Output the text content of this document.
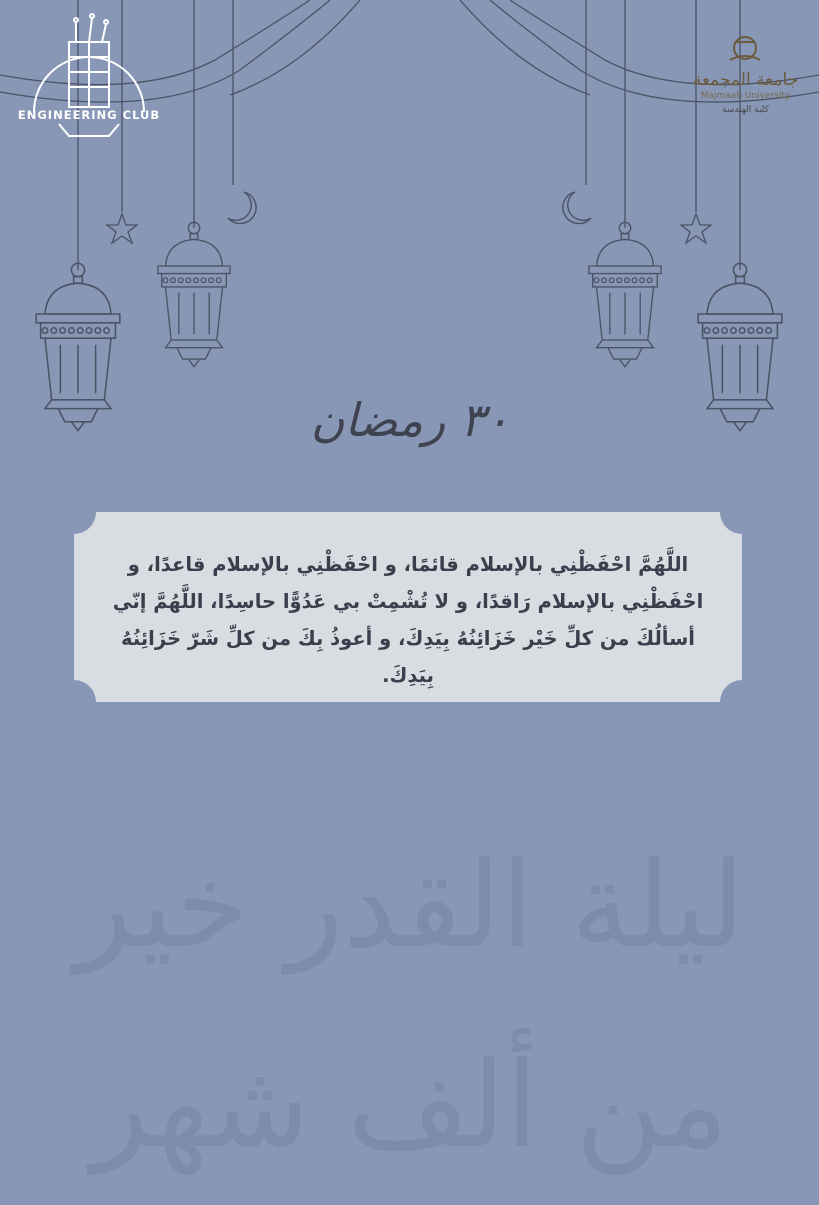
ENGINEERING CLUB
جامعة المجمعة
Majmaah University
كلية الهندسة
٣٠ رمضان
اللَّهُمَّ احْفَظْنِي بالإسلام قائمًا، و احْفَظْنِي بالإسلام قاعدًا، و احْفَظْنِي بالإسلام رَاقدًا، و لا تُشْمِتْ بي عَدُوًّا حاسِدًا، اللَّهُمَّ إنّي أسألُكَ من كلِّ خَيْر خَزَائِنُهُ بِيَدِكَ، و أعوذُ بِكَ من كلِّ شَرّ خَزَائِنُهُ بِيَدِكَ.
ليلة القدر خير من ألف شهر
